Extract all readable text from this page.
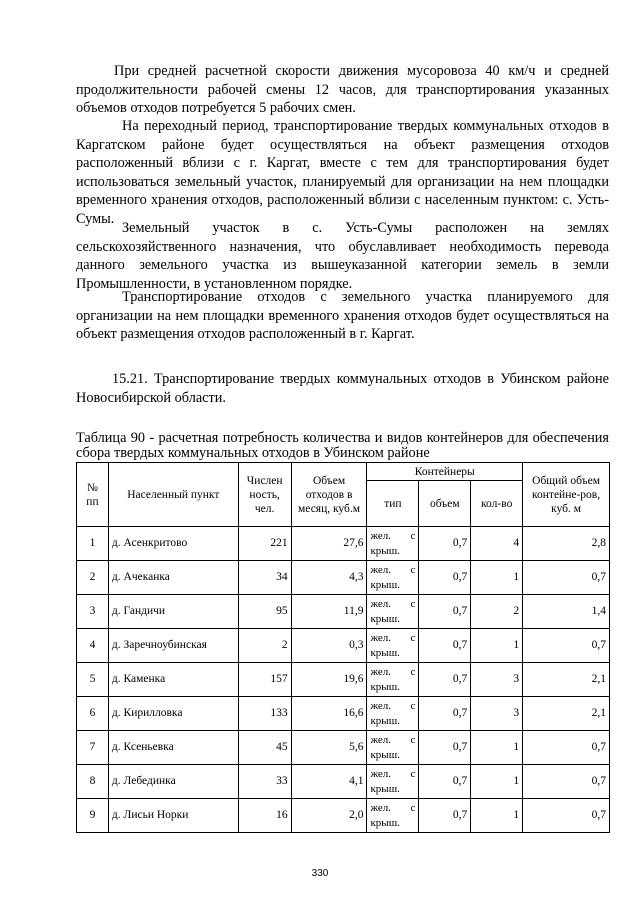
При средней расчетной скорости движения мусоровоза 40 км/ч и средней продолжительности рабочей смены 12 часов, для транспортирования указанных объемов отходов потребуется 5 рабочих смен.

На переходный период, транспортирование твердых коммунальных отходов в Каргатском районе будет осуществляться на объект размещения отходов расположенный вблизи с г. Каргат, вместе с тем для транспортирования будет использоваться земельный участок, планируемый для организации на нем площадки временного хранения отходов, расположенный вблизи с населенным пунктом: с. Усть-Сумы.

Земельный участок в с. Усть-Сумы расположен на землях сельскохозяйственного назначения, что обуславливает необходимость перевода данного земельного участка из вышеуказанной категории земель в земли Промышленности, в установленном порядке.

Транспортирование отходов с земельного участка планируемого для организации на нем площадки временного хранения отходов будет осуществляться на объект размещения отходов расположенный в г. Каргат.

15.21. Транспортирование твердых коммунальных отходов в Убинском районе Новосибирской области.

Таблица 90 - расчетная потребность количества и видов контейнеров для обеспечения сбора твердых коммунальных отходов в Убинском районе

№ пп	Населенный пункт	Числен ность, чел.	Объем отходов в месяц, куб.м	Контейнеры			Общий объем контейне-ров, куб. м
				тип	объем	кол-во	
1	д. Асенкритово	221	27,6	жел. с крыш.	0,7	4	2,8
2	д. Ачеканка	34	4,3	жел. с крыш.	0,7	1	0,7
3	д. Гандичи	95	11,9	жел. с крыш.	0,7	2	1,4
4	д. Заречноубинская	2	0,3	жел. с крыш.	0,7	1	0,7
5	д. Каменка	157	19,6	жел. с крыш.	0,7	3	2,1
6	д. Кирилловка	133	16,6	жел. с крыш.	0,7	3	2,1
7	д. Ксеньевка	45	5,6	жел. с крыш.	0,7	1	0,7
8	д. Лебединка	33	4,1	жел. с крыш.	0,7	1	0,7
9	д. Лисьи Норки	16	2,0	жел. с крыш.	0,7	1	0,7
330
